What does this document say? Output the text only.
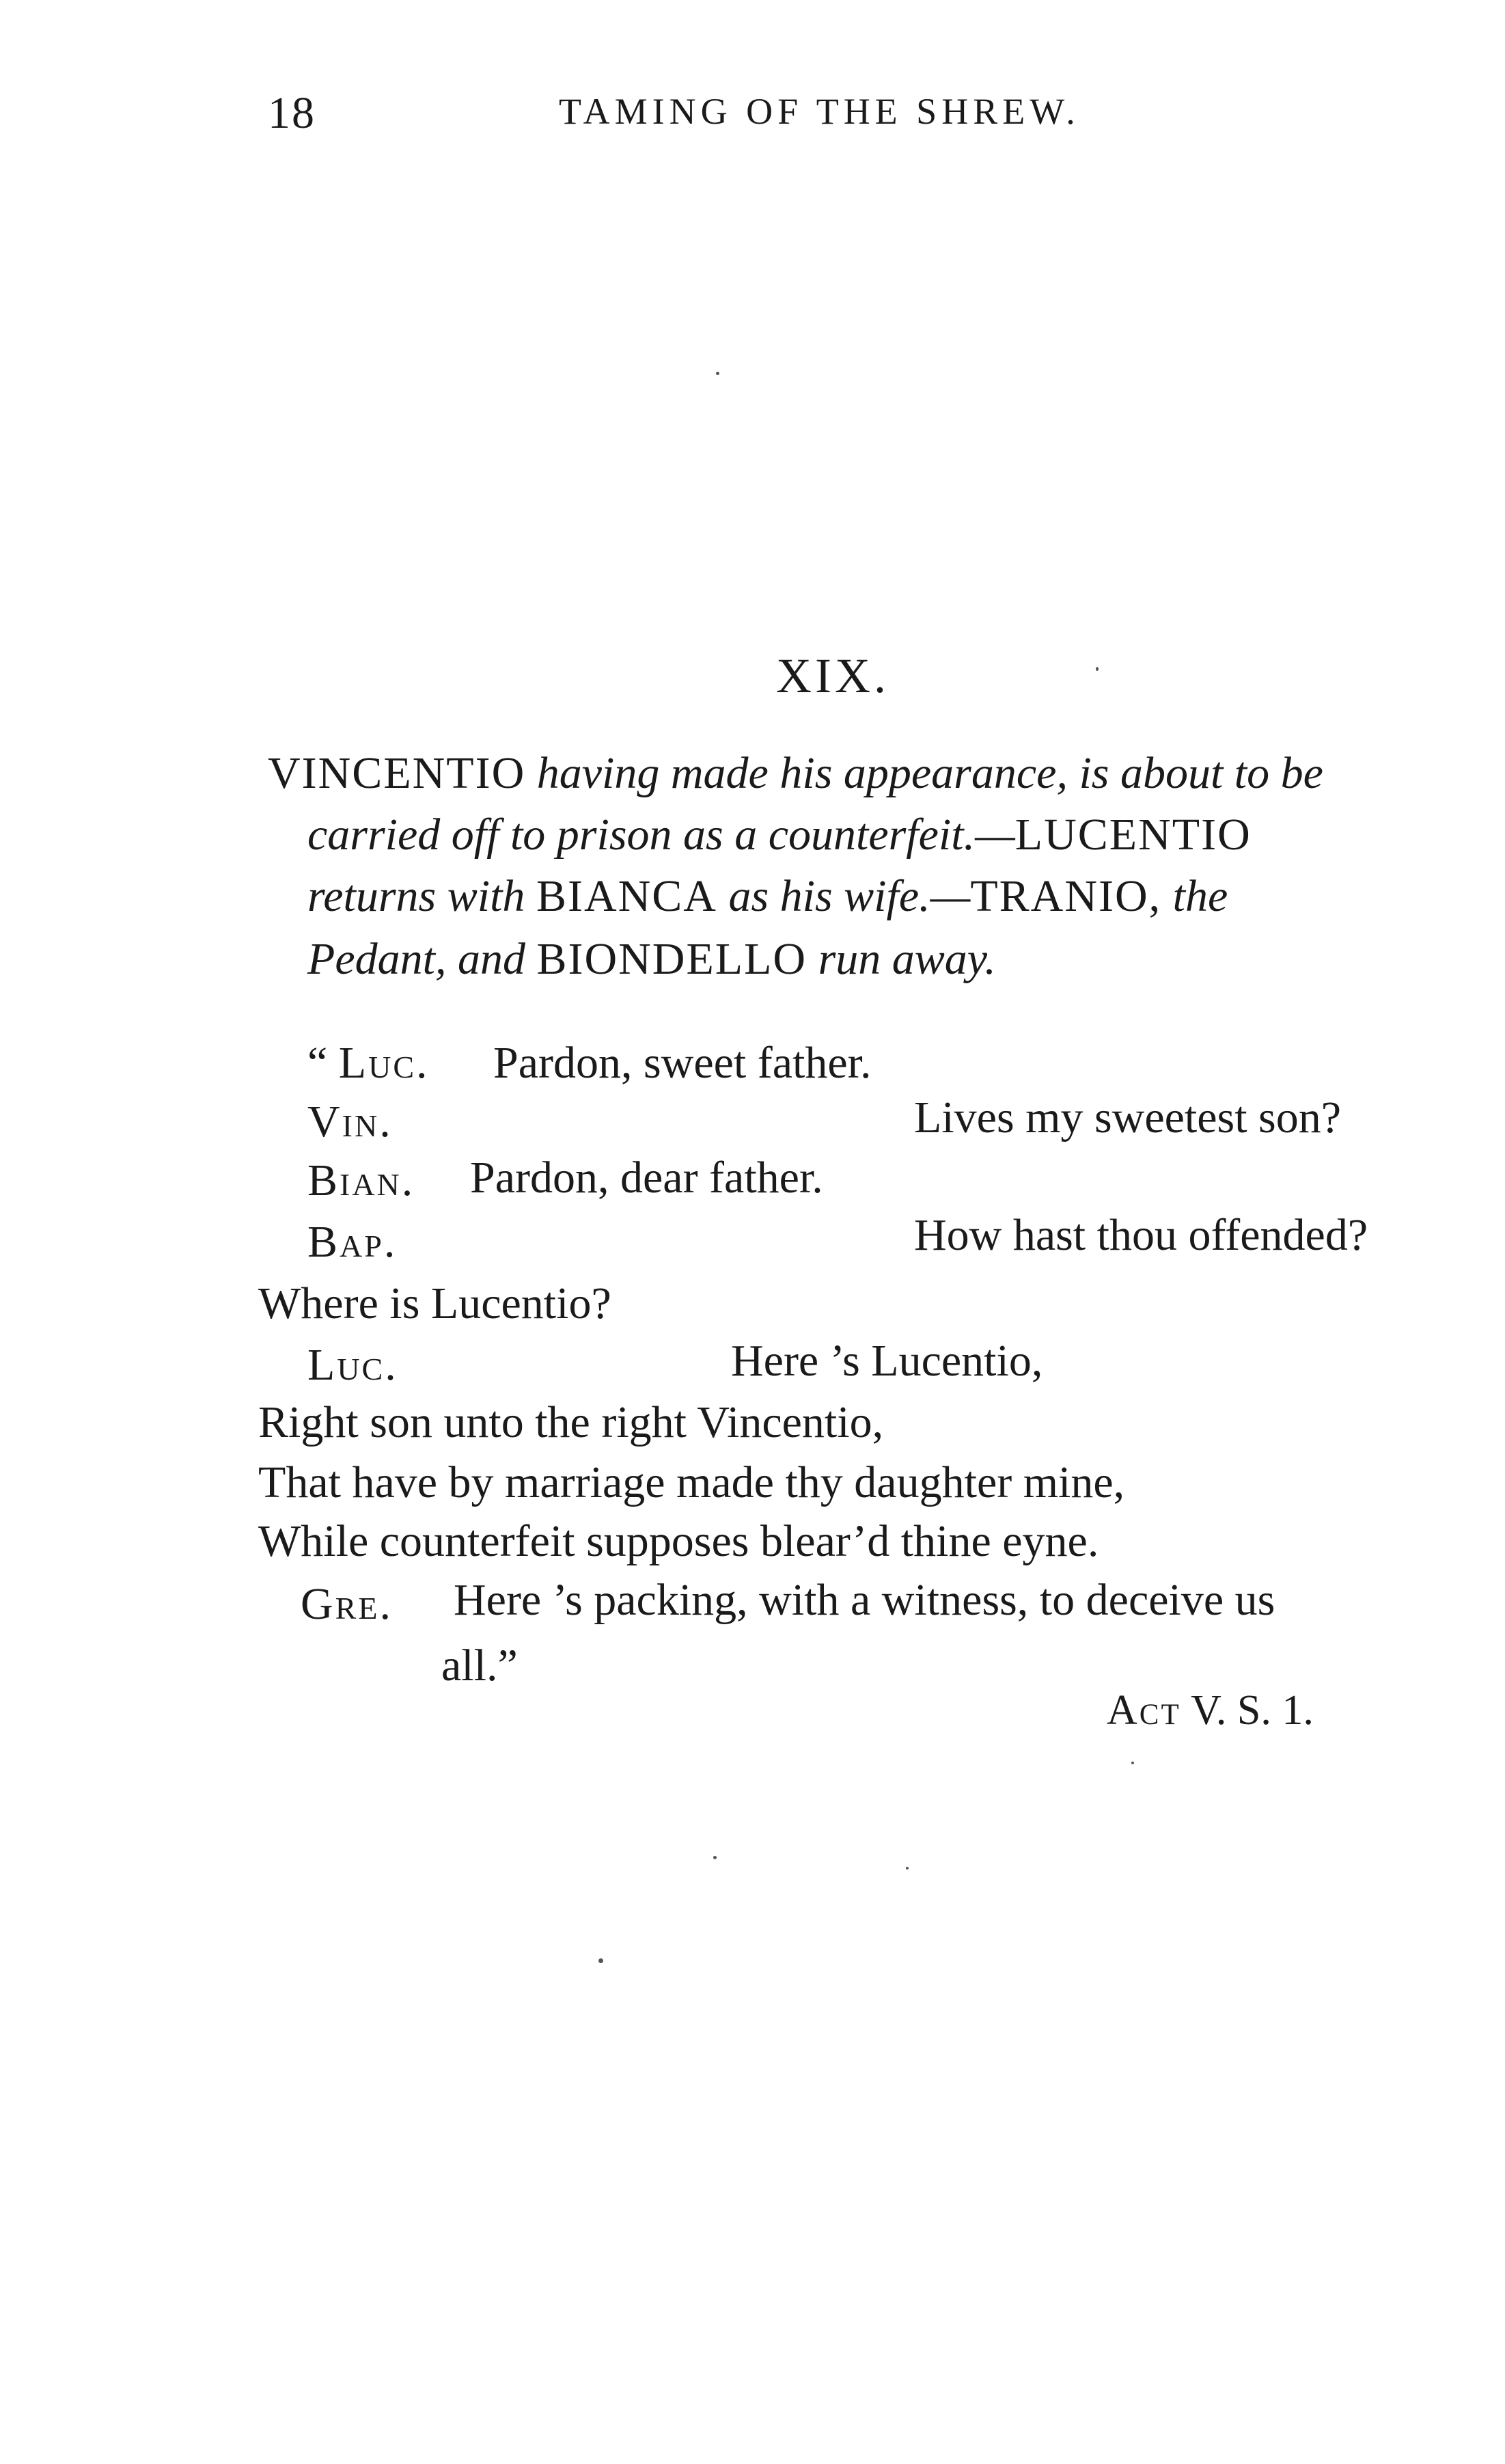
18	TAMING OF THE SHREW.
XIX.
VINCENTIO having made his appearance, is about to be
carried off to prison as a counterfeit.—LUCENTIO
returns with BIANCA as his wife.—TRANIO, the
Pedant, and BIONDELLO run away.
“ Luc. Pardon, sweet father.
Vin.	Lives my sweetest son?
Bian. Pardon, dear father.
Bap.	How hast thou offended?
Where is Lucentio?
Luc.	Here ’s Lucentio,
Right son unto the right Vincentio,
That have by marriage made thy daughter mine,
While counterfeit supposes blear’d thine eyne.
Gre. Here ’s packing, with a witness, to deceive us
all.”
Act V. S. 1.
